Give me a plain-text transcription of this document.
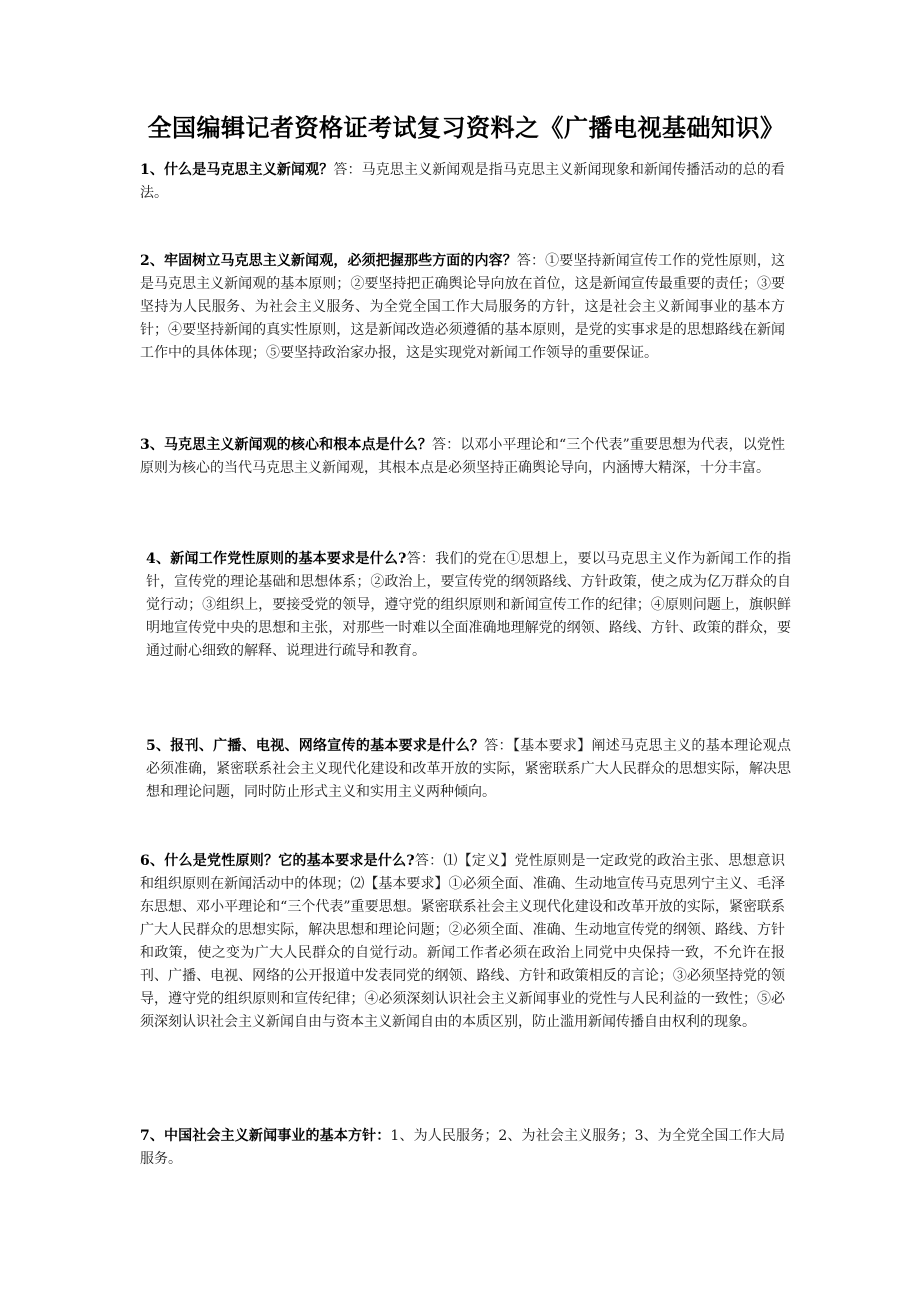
全国编辑记者资格证考试复习资料之《广播电视基础知识》

1、什么是马克思主义新闻观？答：马克思主义新闻观是指马克思主义新闻现象和新闻传播活动的总的看法。

2、牢固树立马克思主义新闻观，必须把握那些方面的内容？答：①要坚持新闻宣传工作的党性原则，这是马克思主义新闻观的基本原则；②要坚持把正确舆论导向放在首位，这是新闻宣传最重要的责任；③要坚持为人民服务、为社会主义服务、为全党全国工作大局服务的方针，这是社会主义新闻事业的基本方针；④要坚持新闻的真实性原则，这是新闻改造必须遵循的基本原则，是党的实事求是的思想路线在新闻工作中的具体体现；⑤要坚持政治家办报，这是实现党对新闻工作领导的重要保证。

3、马克思主义新闻观的核心和根本点是什么？答：以邓小平理论和“三个代表”重要思想为代表，以党性原则为核心的当代马克思主义新闻观，其根本点是必须坚持正确舆论导向，内涵博大精深，十分丰富。

4、新闻工作党性原则的基本要求是什么?答：我们的党在①思想上，要以马克思主义作为新闻工作的指针，宣传党的理论基础和思想体系；②政治上，要宣传党的纲领路线、方针政策，使之成为亿万群众的自觉行动；③组织上，要接受党的领导，遵守党的组织原则和新闻宣传工作的纪律；④原则问题上，旗帜鲜明地宣传党中央的思想和主张，对那些一时难以全面准确地理解党的纲领、路线、方针、政策的群众，要通过耐心细致的解释、说理进行疏导和教育。

5、报刊、广播、电视、网络宣传的基本要求是什么？答：【基本要求】阐述马克思主义的基本理论观点必须准确，紧密联系社会主义现代化建设和改革开放的实际，紧密联系广大人民群众的思想实际，解决思想和理论问题，同时防止形式主义和实用主义两种倾向。

6、什么是党性原则？它的基本要求是什么?答：⑴【定义】党性原则是一定政党的政治主张、思想意识和组织原则在新闻活动中的体现；⑵【基本要求】①必须全面、准确、生动地宣传马克思列宁主义、毛泽东思想、邓小平理论和“三个代表”重要思想。紧密联系社会主义现代化建设和改革开放的实际，紧密联系广大人民群众的思想实际，解决思想和理论问题；②必须全面、准确、生动地宣传党的纲领、路线、方针和政策，使之变为广大人民群众的自觉行动。新闻工作者必须在政治上同党中央保持一致，不允许在报刊、广播、电视、网络的公开报道中发表同党的纲领、路线、方针和政策相反的言论；③必须坚持党的领导，遵守党的组织原则和宣传纪律；④必须深刻认识社会主义新闻事业的党性与人民利益的一致性；⑤必须深刻认识社会主义新闻自由与资本主义新闻自由的本质区别，防止滥用新闻传播自由权利的现象。

7、中国社会主义新闻事业的基本方针：1、为人民服务；2、为社会主义服务；3、为全党全国工作大局服务。
